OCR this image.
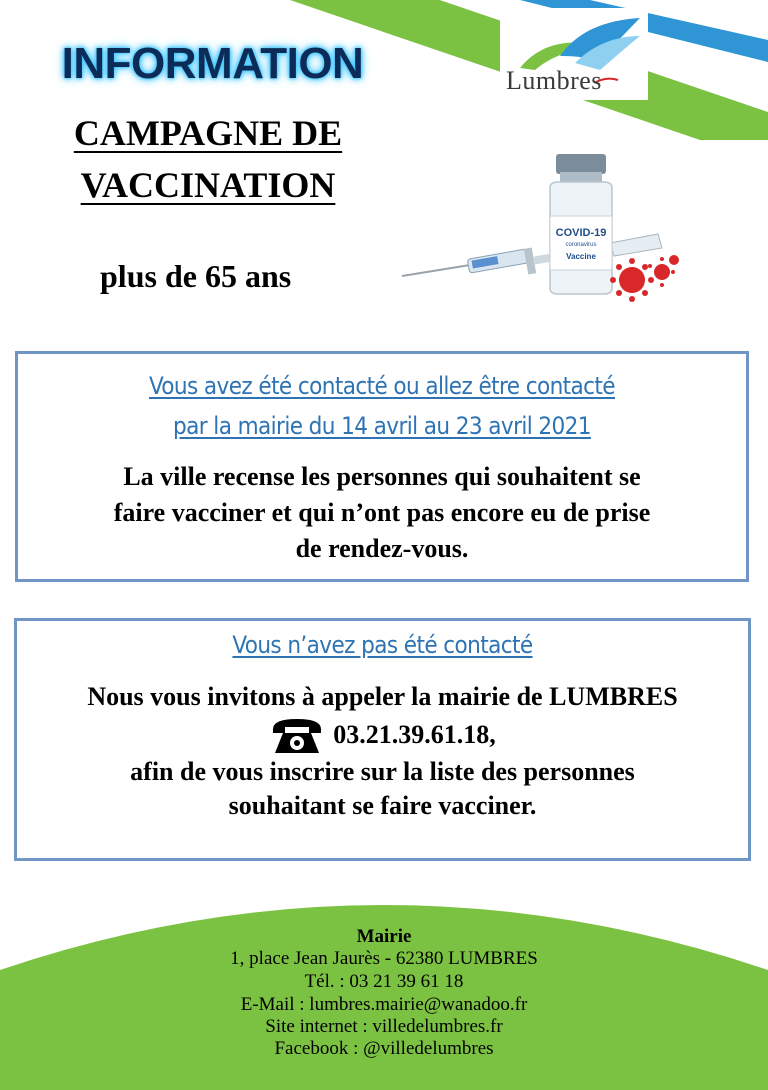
Lumbres
INFORMATION
CAMPAGNE DE
VACCINATION
plus de 65 ans
COVID-19
coronavirus
Vaccine
Vous avez été contacté ou allez être contacté
par la mairie du 14 avril au 23 avril 2021
La ville recense les personnes qui souhaitent se
faire vacciner et qui n’ont pas encore eu de prise
de rendez-vous.
Vous n’avez pas été contacté
Nous vous invitons à appeler la mairie de LUMBRES
03.21.39.61.18,
afin de vous inscrire sur la liste des personnes
souhaitant se faire vacciner.
Mairie
1, place Jean Jaurès - 62380 LUMBRES
Tél. : 03 21 39 61 18
E-Mail : lumbres.mairie@wanadoo.fr
Site internet : villedelumbres.fr
Facebook : @villedelumbres
